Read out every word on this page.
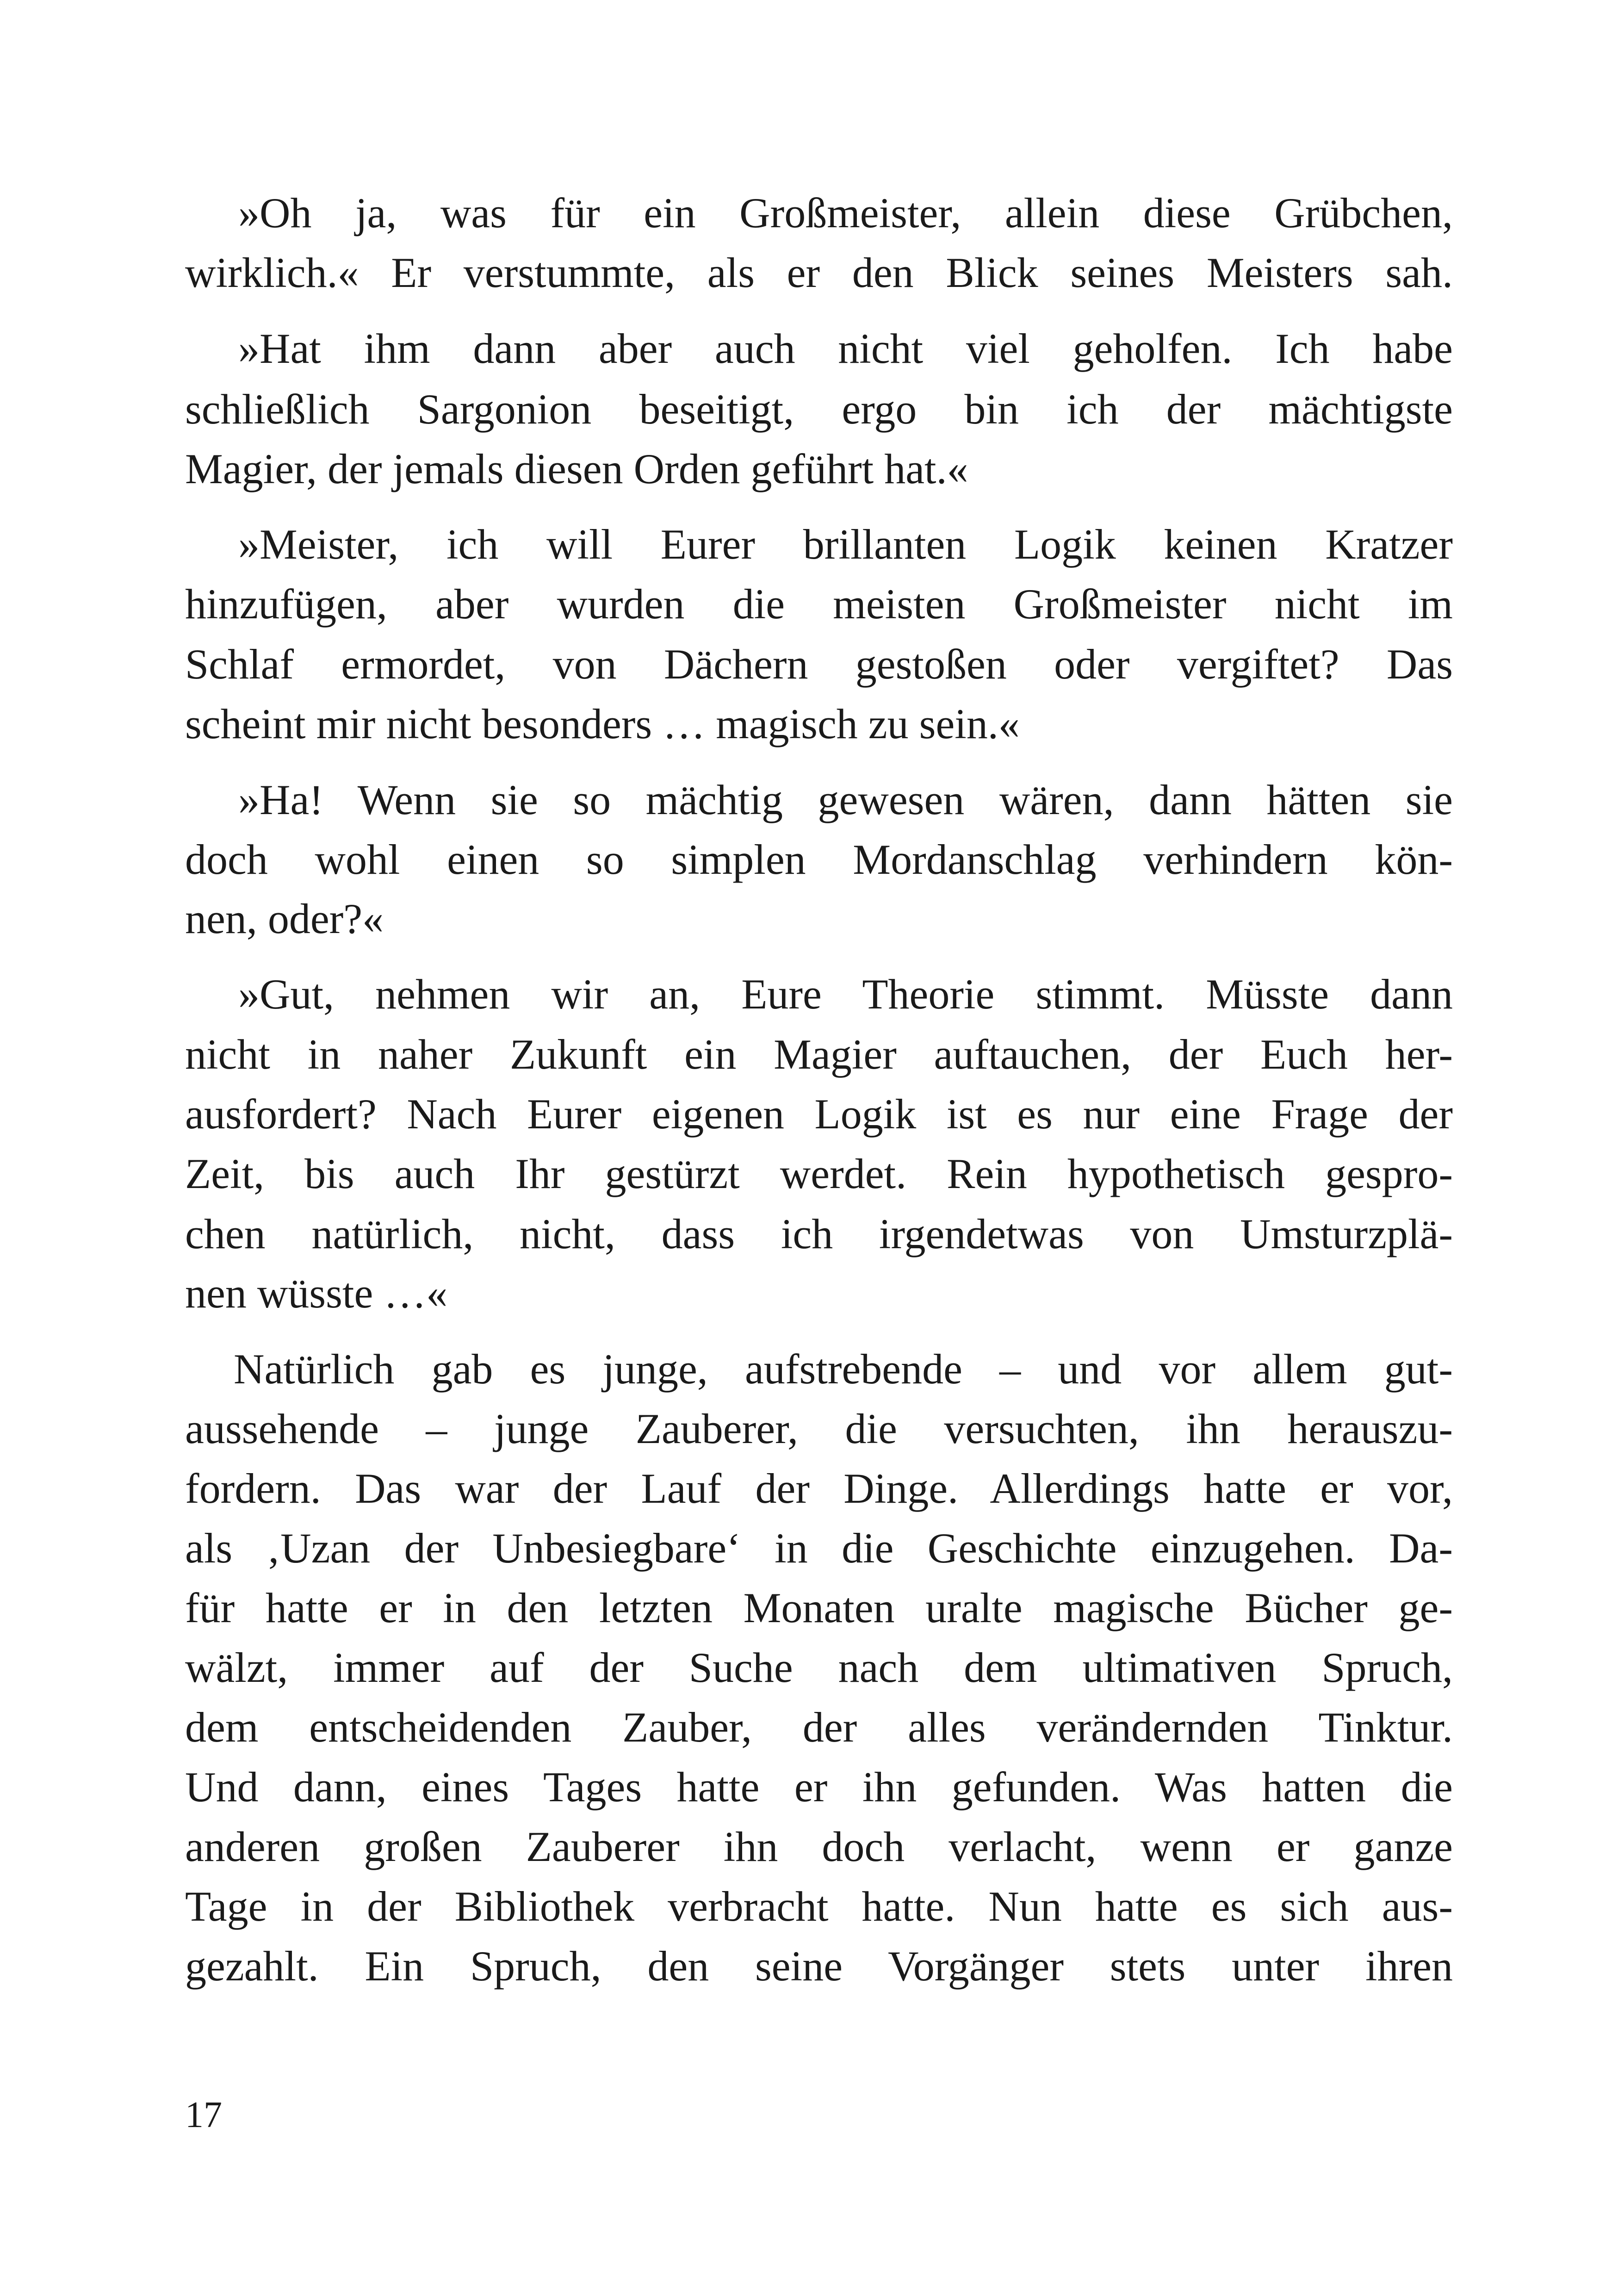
»Oh ja, was für ein Großmeister, allein diese Grübchen,
wirklich.« Er verstummte, als er den Blick seines Meisters sah.
»Hat ihm dann aber auch nicht viel geholfen. Ich habe
schließlich Sargonion beseitigt, ergo bin ich der mächtigste
Magier, der jemals diesen Orden geführt hat.«
»Meister, ich will Eurer brillanten Logik keinen Kratzer
hinzufügen, aber wurden die meisten Großmeister nicht im
Schlaf ermordet, von Dächern gestoßen oder vergiftet? Das
scheint mir nicht besonders … magisch zu sein.«
»Ha! Wenn sie so mächtig gewesen wären, dann hätten sie
doch wohl einen so simplen Mordanschlag verhindern kön-
nen, oder?«
»Gut, nehmen wir an, Eure Theorie stimmt. Müsste dann
nicht in naher Zukunft ein Magier auftauchen, der Euch her-
ausfordert? Nach Eurer eigenen Logik ist es nur eine Frage der
Zeit, bis auch Ihr gestürzt werdet. Rein hypothetisch gespro-
chen natürlich, nicht, dass ich irgendetwas von Umsturzplä-
nen wüsste …«
Natürlich gab es junge, aufstrebende – und vor allem gut-
aussehende – junge Zauberer, die versuchten, ihn herauszu-
fordern. Das war der Lauf der Dinge. Allerdings hatte er vor,
als ‚Uzan der Unbesiegbare‘ in die Geschichte einzugehen. Da-
für hatte er in den letzten Monaten uralte magische Bücher ge-
wälzt, immer auf der Suche nach dem ultimativen Spruch,
dem entscheidenden Zauber, der alles verändernden Tinktur.
Und dann, eines Tages hatte er ihn gefunden. Was hatten die
anderen großen Zauberer ihn doch verlacht, wenn er ganze
Tage in der Bibliothek verbracht hatte. Nun hatte es sich aus-
gezahlt. Ein Spruch, den seine Vorgänger stets unter ihren
17
